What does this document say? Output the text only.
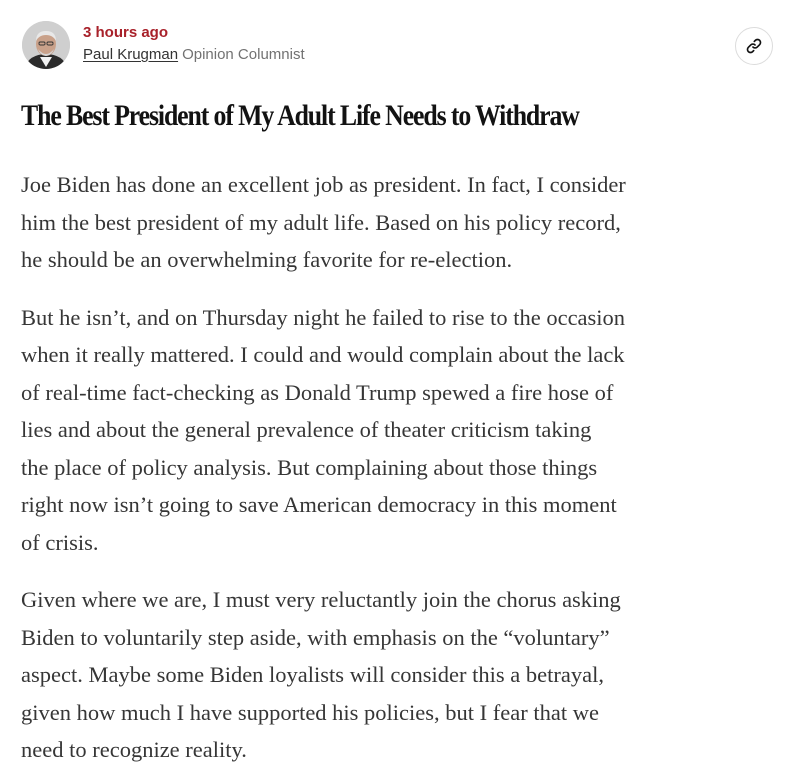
3 hours ago
Paul Krugman Opinion Columnist
The Best President of My Adult Life Needs to Withdraw

Joe Biden has done an excellent job as president. In fact, I consider
him the best president of my adult life. Based on his policy record,
he should be an overwhelming favorite for re-election.

But he isn’t, and on Thursday night he failed to rise to the occasion
when it really mattered. I could and would complain about the lack
of real-time fact-checking as Donald Trump spewed a fire hose of
lies and about the general prevalence of theater criticism taking
the place of policy analysis. But complaining about those things
right now isn’t going to save American democracy in this moment
of crisis.

Given where we are, I must very reluctantly join the chorus asking
Biden to voluntarily step aside, with emphasis on the “voluntary”
aspect. Maybe some Biden loyalists will consider this a betrayal,
given how much I have supported his policies, but I fear that we
need to recognize reality.
